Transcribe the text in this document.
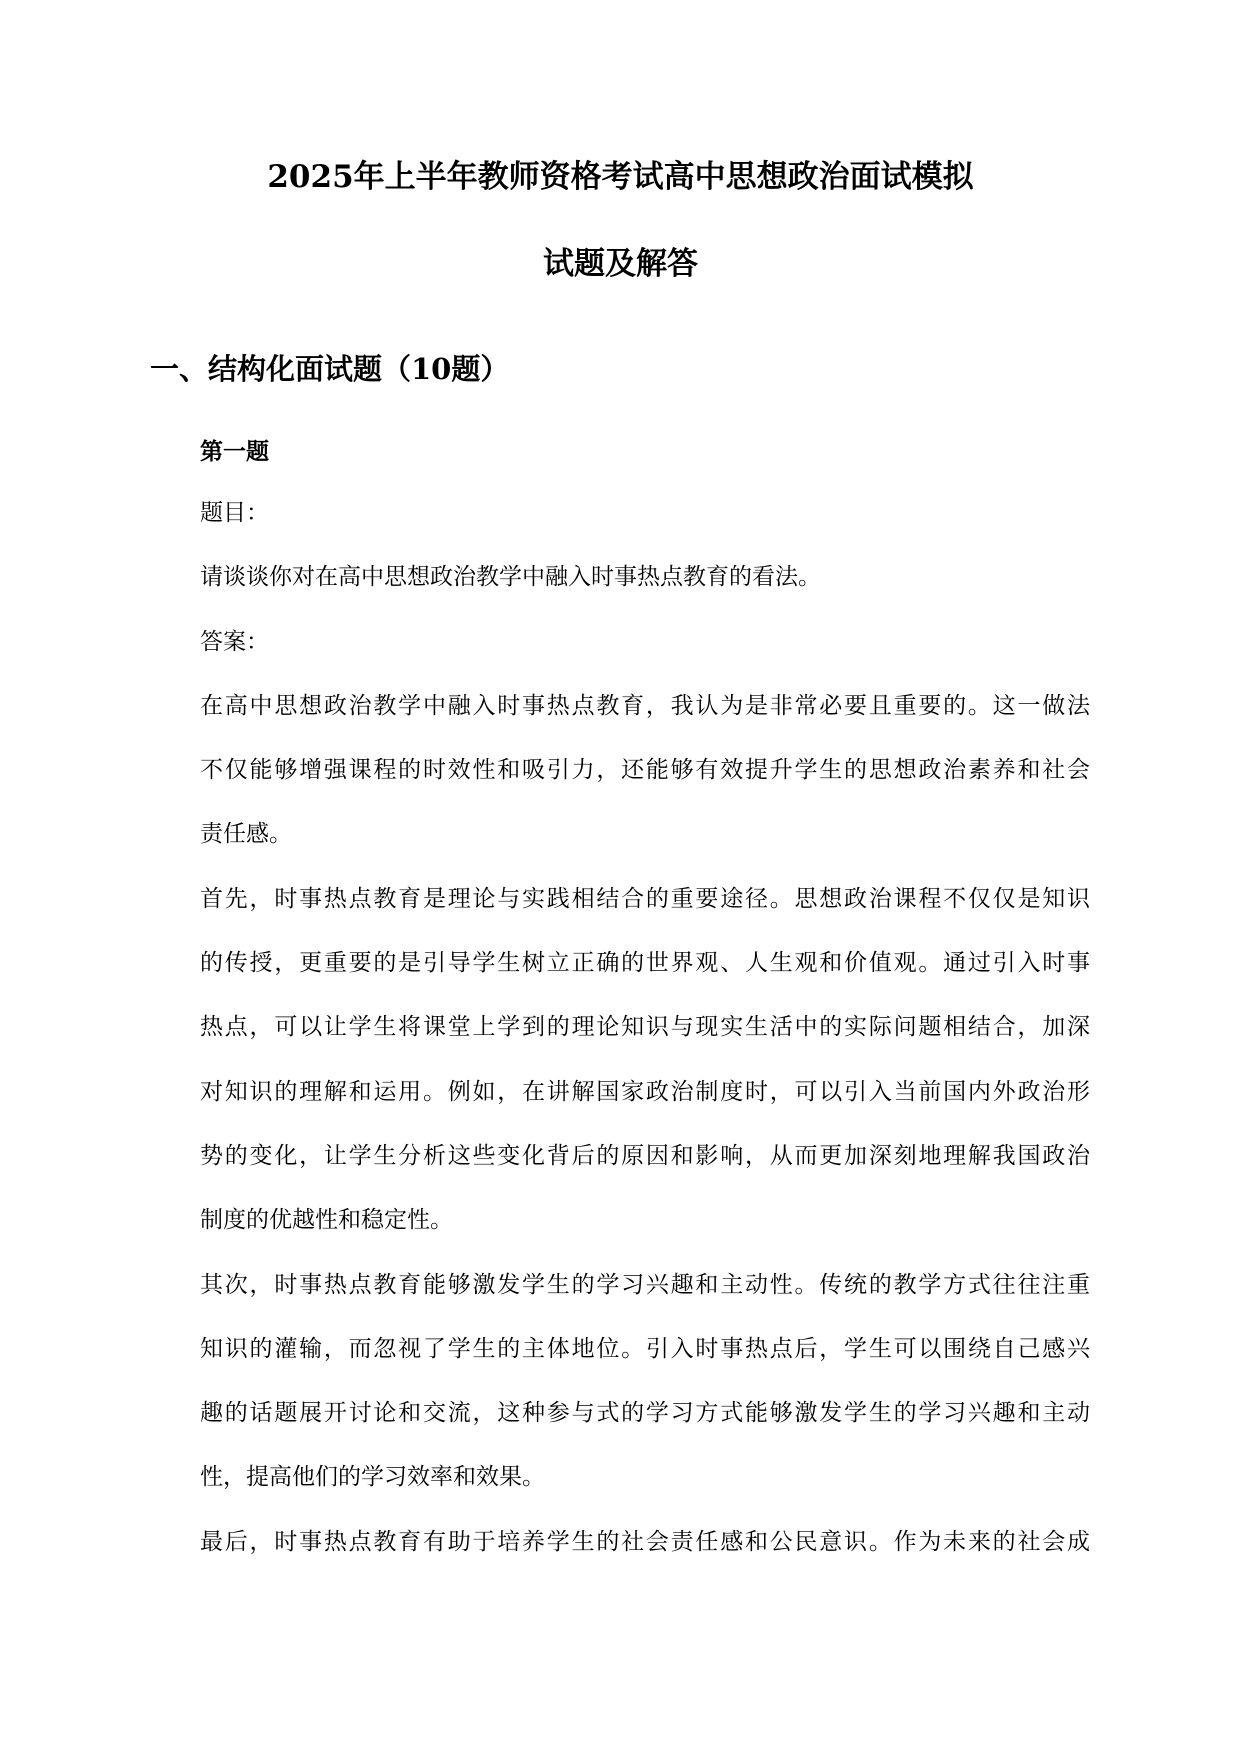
2025年上半年教师资格考试高中思想政治面试模拟
试题及解答
一、结构化面试题（10题）
第一题
题目：
请谈谈你对在高中思想政治教学中融入时事热点教育的看法。
答案：
在高中思想政治教学中融入时事热点教育，我认为是非常必要且重要的。这一做法
不仅能够增强课程的时效性和吸引力，还能够有效提升学生的思想政治素养和社会
责任感。
首先，时事热点教育是理论与实践相结合的重要途径。思想政治课程不仅仅是知识
的传授，更重要的是引导学生树立正确的世界观、人生观和价值观。通过引入时事
热点，可以让学生将课堂上学到的理论知识与现实生活中的实际问题相结合，加深
对知识的理解和运用。例如，在讲解国家政治制度时，可以引入当前国内外政治形
势的变化，让学生分析这些变化背后的原因和影响，从而更加深刻地理解我国政治
制度的优越性和稳定性。
其次，时事热点教育能够激发学生的学习兴趣和主动性。传统的教学方式往往注重
知识的灌输，而忽视了学生的主体地位。引入时事热点后，学生可以围绕自己感兴
趣的话题展开讨论和交流，这种参与式的学习方式能够激发学生的学习兴趣和主动
性，提高他们的学习效率和效果。
最后，时事热点教育有助于培养学生的社会责任感和公民意识。作为未来的社会成
